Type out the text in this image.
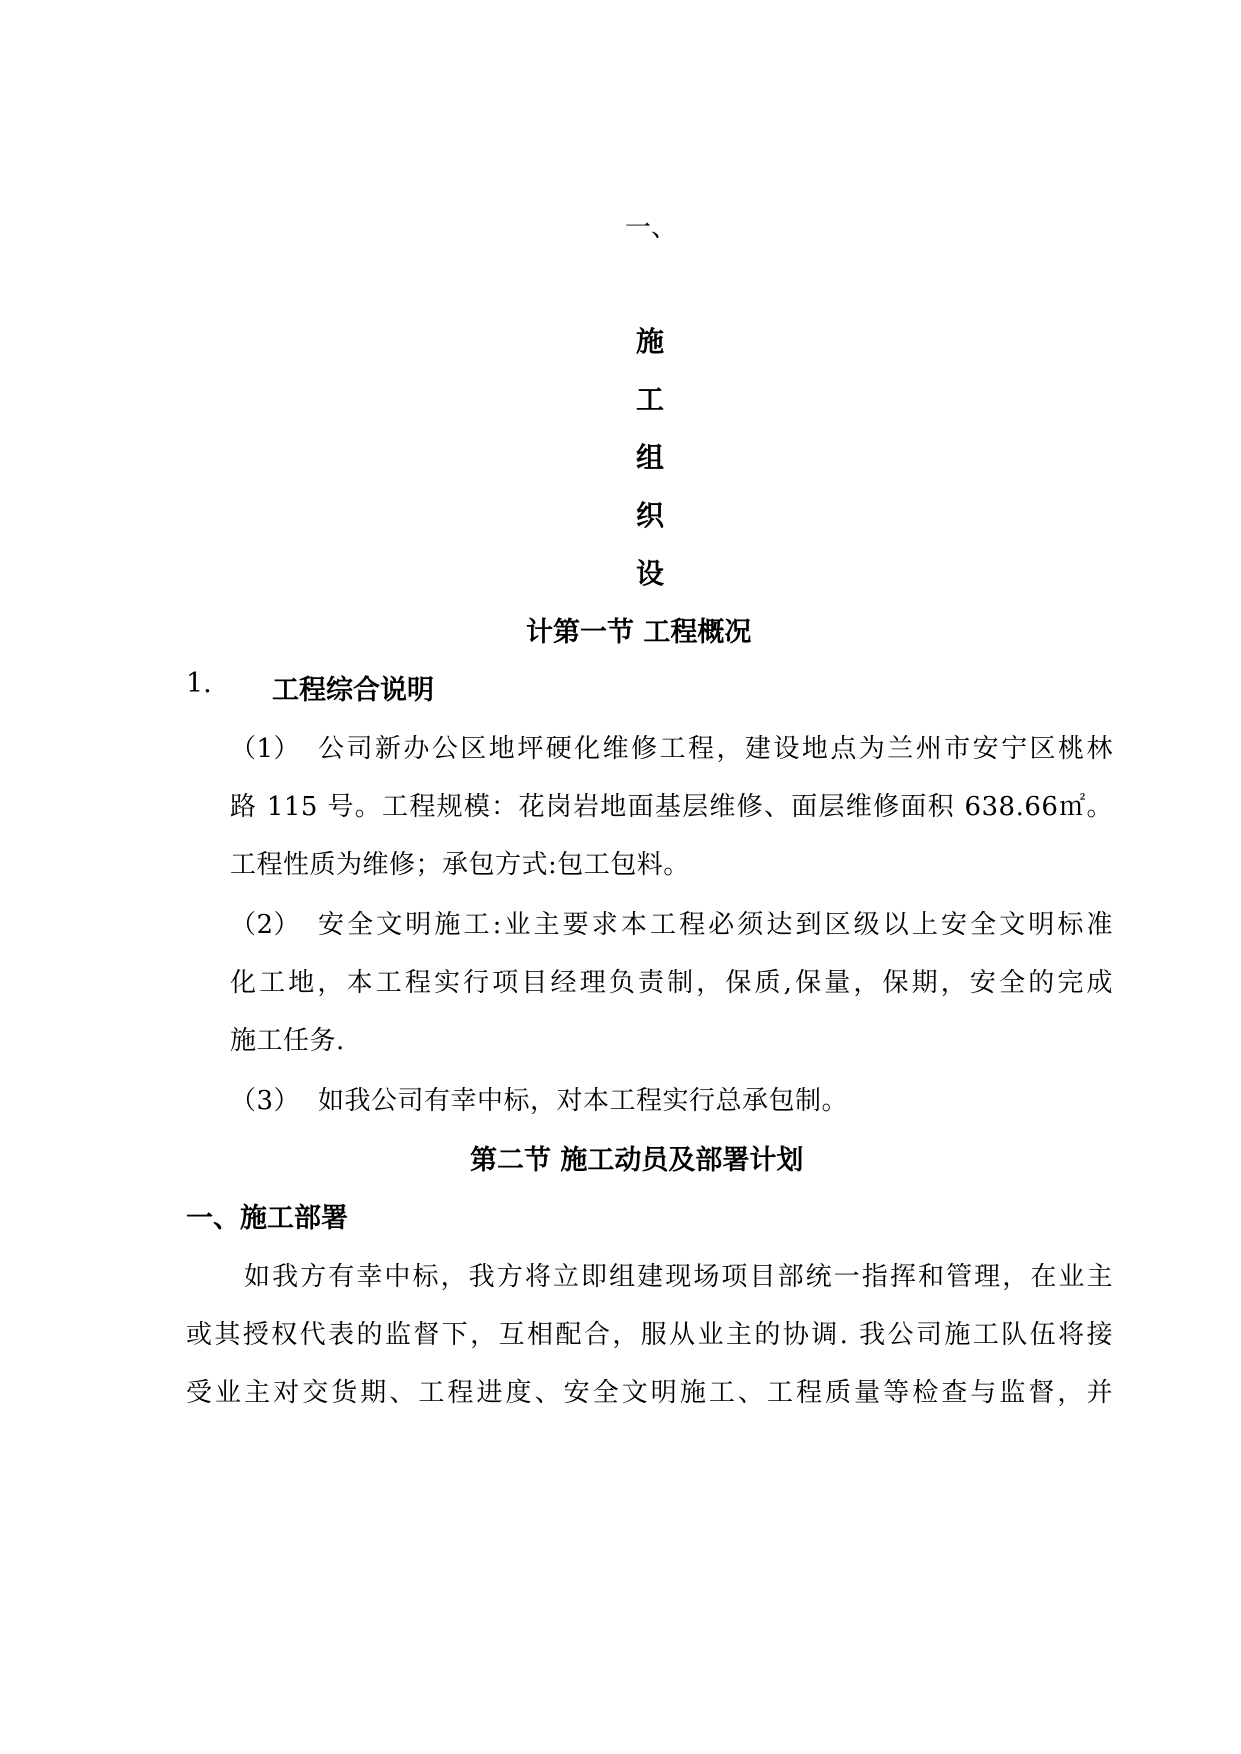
一、
施
工
组
织
设
计第一节 工程概况
1. 工程综合说明
（1） 公司新办公区地坪硬化维修工程，建设地点为兰州市安宁区桃林
路 115 号。工程规模：花岗岩地面基层维修、面层维修面积 638.66㎡。
工程性质为维修；承包方式:包工包料。
（2） 安全文明施工:业主要求本工程必须达到区级以上安全文明标准
化工地，本工程实行项目经理负责制，保质,保量，保期，安全的完成
施工任务.
（3） 如我公司有幸中标，对本工程实行总承包制。
第二节 施工动员及部署计划
一、施工部署
如我方有幸中标，我方将立即组建现场项目部统一指挥和管理，在业主
或其授权代表的监督下，互相配合，服从业主的协调. 我公司施工队伍将接
受业主对交货期、工程进度、安全文明施工、工程质量等检查与监督，并
